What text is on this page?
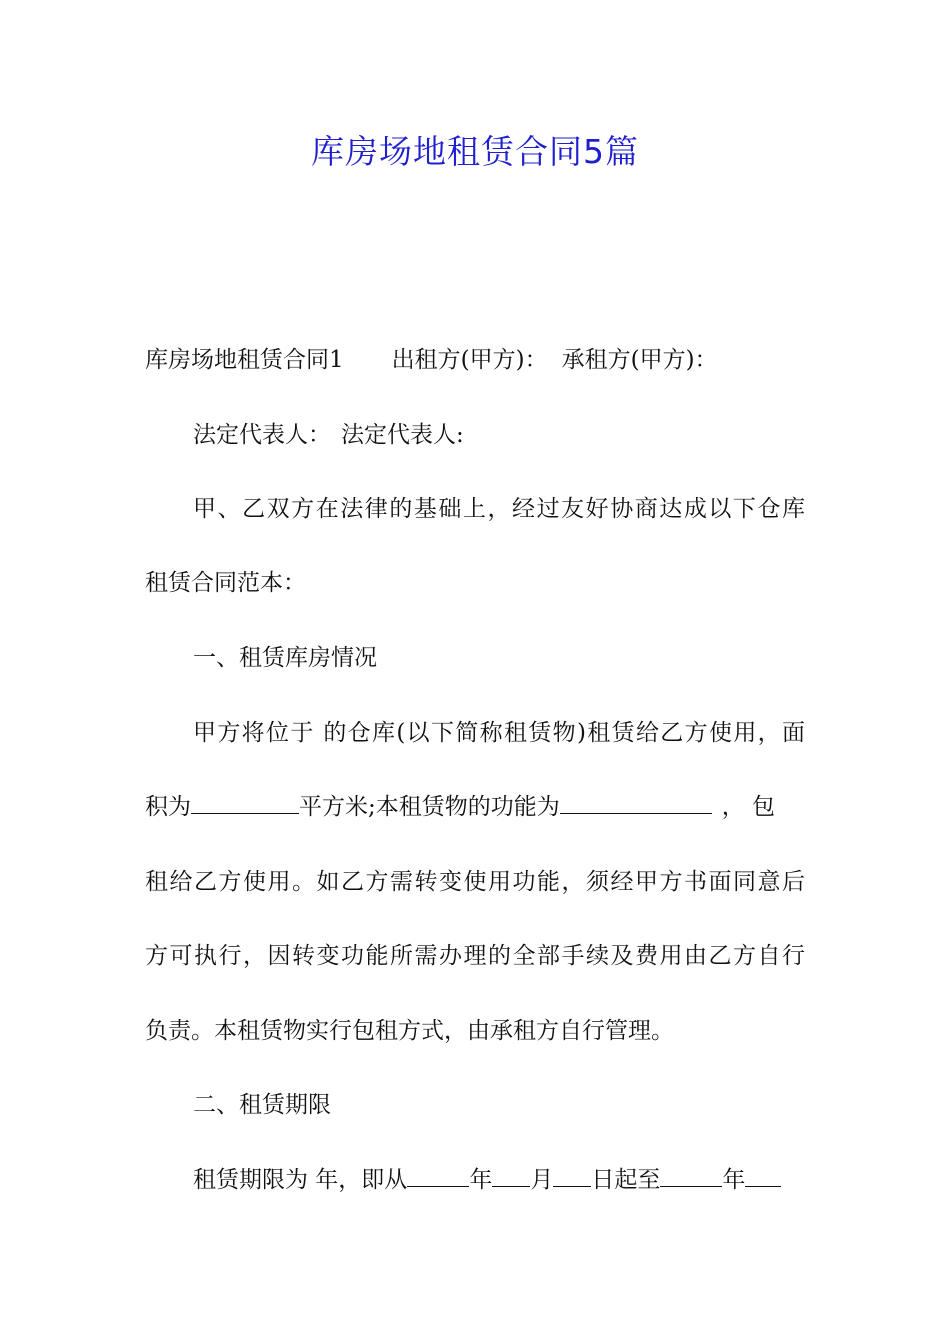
库房场地租赁合同5篇
库房场地租赁合同1 出租方(甲方)： 承租方(甲方)：
法定代表人： 法定代表人:
甲、乙双方在法律的基础上，经过友好协商达成以下仓库
租赁合同范本：
一、租赁库房情况
甲方将位于 的仓库(以下简称租赁物)租赁给乙方使用，面
积为	平方米;本租赁物的功能为	， 包
租给乙方使用。如乙方需转变使用功能，须经甲方书面同意后
方可执行，因转变功能所需办理的全部手续及费用由乙方自行
负责。本租赁物实行包租方式，由承租方自行管理。
二、租赁期限
租赁期限为 年，即从	年 月 日起至	年
